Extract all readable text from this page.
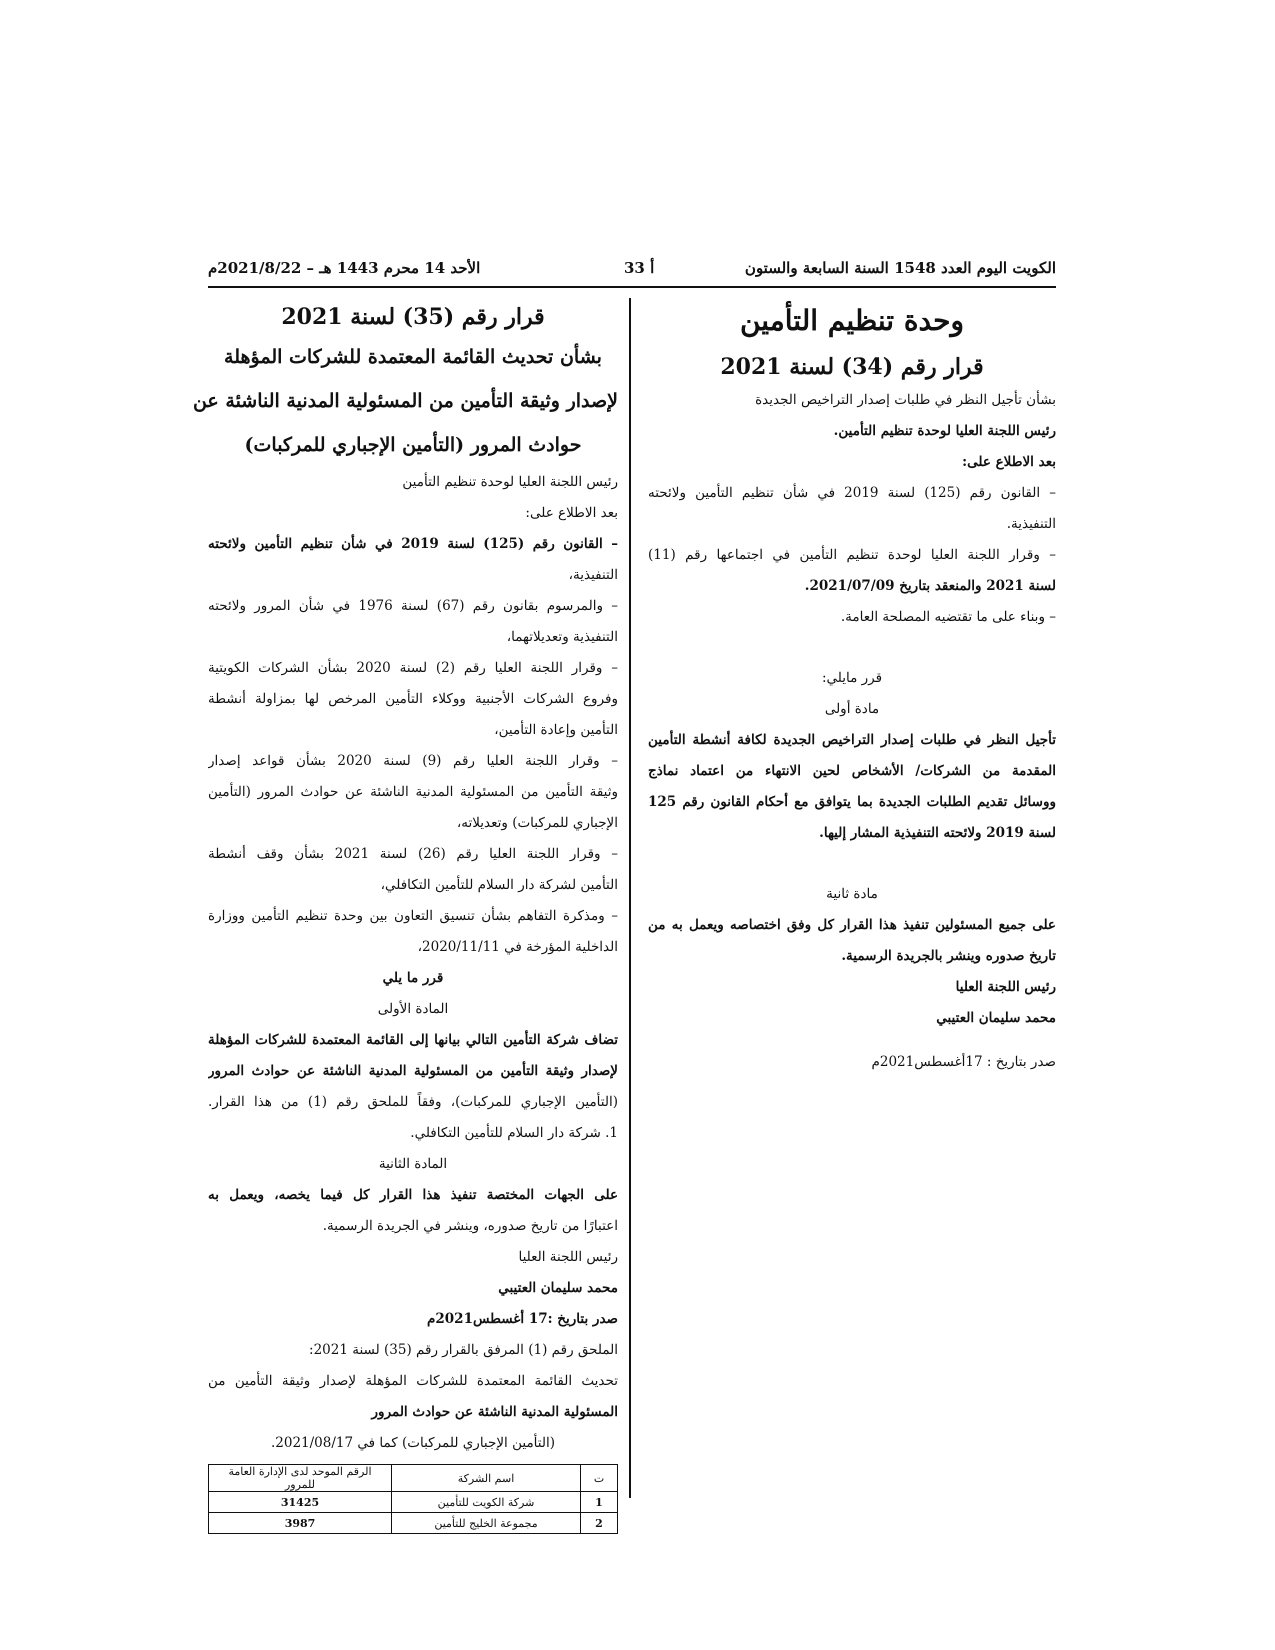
الكويت اليوم العدد 1548 السنة السابعة والستون
أ 33
الأحد 14 محرم 1443 هـ – 2021/8/22م
وحدة تنظيم التأمين
قرار رقم (34) لسنة 2021
بشأن تأجيل النظر في طلبات إصدار التراخيص الجديدة
رئيس اللجنة العليا لوحدة تنظيم التأمين.
بعد الاطلاع على:
– القانون رقم (125) لسنة 2019 في شأن تنظيم التأمين ولائحته
التنفيذية.
– وقرار اللجنة العليا لوحدة تنظيم التأمين في اجتماعها رقم (11)
لسنة 2021 والمنعقد بتاريخ 2021/07/09.
– وبناء على ما تقتضيه المصلحة العامة.
قرر مايلي:
مادة أولى
تأجيل النظر في طلبات إصدار التراخيص الجديدة لكافة أنشطة التأمين
المقدمة من الشركات/ الأشخاص لحين الانتهاء من اعتماد نماذج
ووسائل تقديم الطلبات الجديدة بما يتوافق مع أحكام القانون رقم 125
لسنة 2019 ولائحته التنفيذية المشار إليها.
مادة ثانية
على جميع المسئولين تنفيذ هذا القرار كل وفق اختصاصه ويعمل به من
تاريخ صدوره وينشر بالجريدة الرسمية.
رئيس اللجنة العليا
محمد سليمان العتيبي
صدر بتاريخ : 17أغسطس2021م
قرار رقم (35) لسنة 2021
بشأن تحديث القائمة المعتمدة للشركات المؤهلة
لإصدار وثيقة التأمين من المسئولية المدنية الناشئة عن
حوادث المرور (التأمين الإجباري للمركبات)
رئيس اللجنة العليا لوحدة تنظيم التأمين
بعد الاطلاع على:
– القانون رقم (125) لسنة 2019 في شأن تنظيم التأمين ولائحته
التنفيذية،
– والمرسوم بقانون رقم (67) لسنة 1976 في شأن المرور ولائحته
التنفيذية وتعديلاتهما،
– وقرار اللجنة العليا رقم (2) لسنة 2020 بشأن الشركات الكويتية
وفروع الشركات الأجنبية ووكلاء التأمين المرخص لها بمزاولة أنشطة
التأمين وإعادة التأمين،
– وقرار اللجنة العليا رقم (9) لسنة 2020 بشأن قواعد إصدار
وثيقة التأمين من المسئولية المدنية الناشئة عن حوادث المرور (التأمين
الإجباري للمركبات) وتعديلاته،
– وقرار اللجنة العليا رقم (26) لسنة 2021 بشأن وقف أنشطة
التأمين لشركة دار السلام للتأمين التكافلي،
– ومذكرة التفاهم بشأن تنسيق التعاون بين وحدة تنظيم التأمين ووزارة
الداخلية المؤرخة في 2020/11/11،
قرر ما يلي
المادة الأولى
تضاف شركة التأمين التالي بيانها إلى القائمة المعتمدة للشركات المؤهلة
لإصدار وثيقة التأمين من المسئولية المدنية الناشئة عن حوادث المرور
(التأمين الإجباري للمركبات)، وفقاً للملحق رقم (1) من هذا القرار.
1. شركة دار السلام للتأمين التكافلي.
المادة الثانية
على الجهات المختصة تنفيذ هذا القرار كل فيما يخصه، ويعمل به
اعتبارًا من تاريخ صدوره، وينشر في الجريدة الرسمية.
رئيس اللجنة العليا
محمد سليمان العتيبي
صدر بتاريخ :17 أغسطس2021م
الملحق رقم (1) المرفق بالقرار رقم (35) لسنة 2021:
تحديث القائمة المعتمدة للشركات المؤهلة لإصدار وثيقة التأمين من
المسئولية المدنية الناشئة عن حوادث المرور
(التأمين الإجباري للمركبات) كما في 2021/08/17.
ت	اسم الشركة	الرقم الموحد لدى الإدارة العامة للمرور
1	شركة الكويت للتأمين	31425
2	مجموعة الخليج للتأمين	3987
